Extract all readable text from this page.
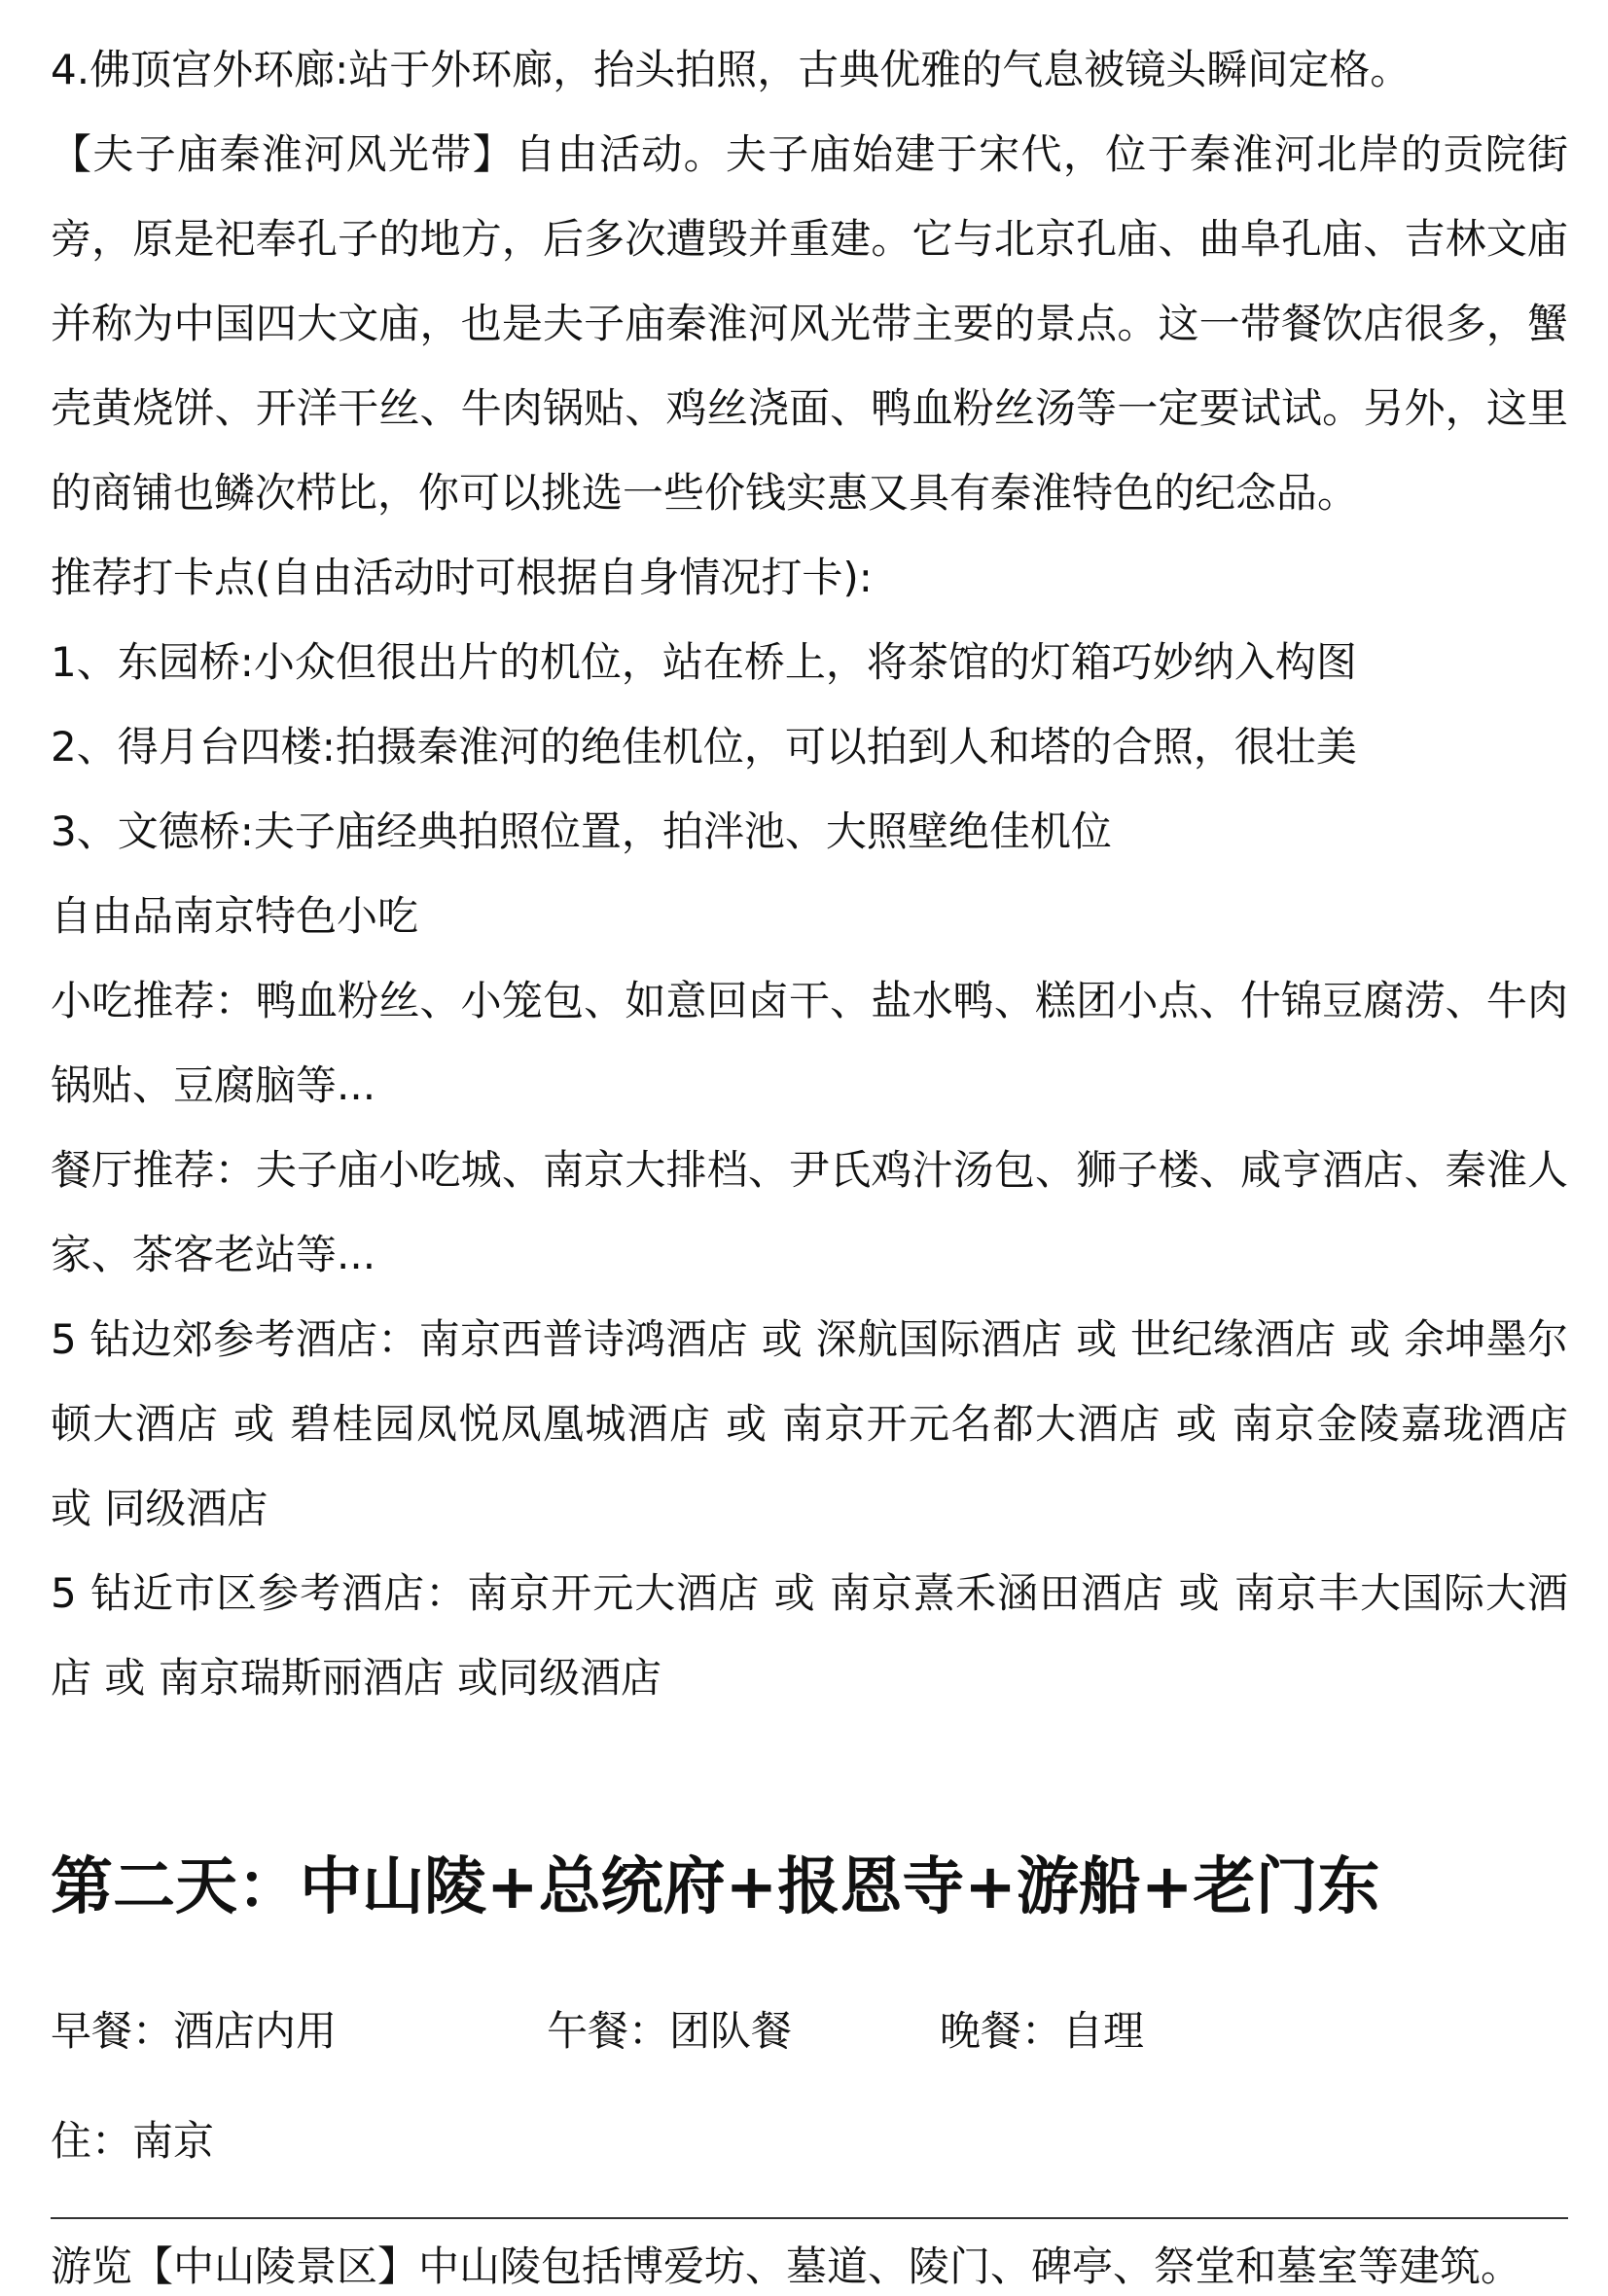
4.佛顶宫外环廊:站于外环廊，抬头拍照，古典优雅的气息被镜头瞬间定格。

【夫子庙秦淮河风光带】自由活动。夫子庙始建于宋代，位于秦淮河北岸的贡院街旁，原是祀奉孔子的地方，后多次遭毁并重建。它与北京孔庙、曲阜孔庙、吉林文庙并称为中国四大文庙，也是夫子庙秦淮河风光带主要的景点。这一带餐饮店很多，蟹壳黄烧饼、开洋干丝、牛肉锅贴、鸡丝浇面、鸭血粉丝汤等一定要试试。另外，这里的商铺也鳞次栉比，你可以挑选一些价钱实惠又具有秦淮特色的纪念品。

推荐打卡点(自由活动时可根据自身情况打卡):

1、东园桥:小众但很出片的机位，站在桥上，将茶馆的灯箱巧妙纳入构图

2、得月台四楼:拍摄秦淮河的绝佳机位，可以拍到人和塔的合照，很壮美

3、文德桥:夫子庙经典拍照位置，拍泮池、大照壁绝佳机位

自由品南京特色小吃

小吃推荐：鸭血粉丝、小笼包、如意回卤干、盐水鸭、糕团小点、什锦豆腐涝、牛肉锅贴、豆腐脑等...

餐厅推荐：夫子庙小吃城、南京大排档、尹氏鸡汁汤包、狮子楼、咸亨酒店、秦淮人家、茶客老站等...

5 钻边郊参考酒店：南京西普诗鸿酒店 或 深航国际酒店 或 世纪缘酒店 或 余坤墨尔顿大酒店 或 碧桂园凤悦凤凰城酒店 或 南京开元名都大酒店 或 南京金陵嘉珑酒店 或 同级酒店

5 钻近市区参考酒店：南京开元大酒店 或 南京熹禾涵田酒店 或 南京丰大国际大酒店 或 南京瑞斯丽酒店 或同级酒店

第二天：中山陵+总统府+报恩寺+游船+老门东
早餐：酒店内用	午餐：团队餐	晚餐：自理
住：南京
游览【中山陵景区】中山陵包括博爱坊、墓道、陵门、碑亭、祭堂和墓室等建筑。
